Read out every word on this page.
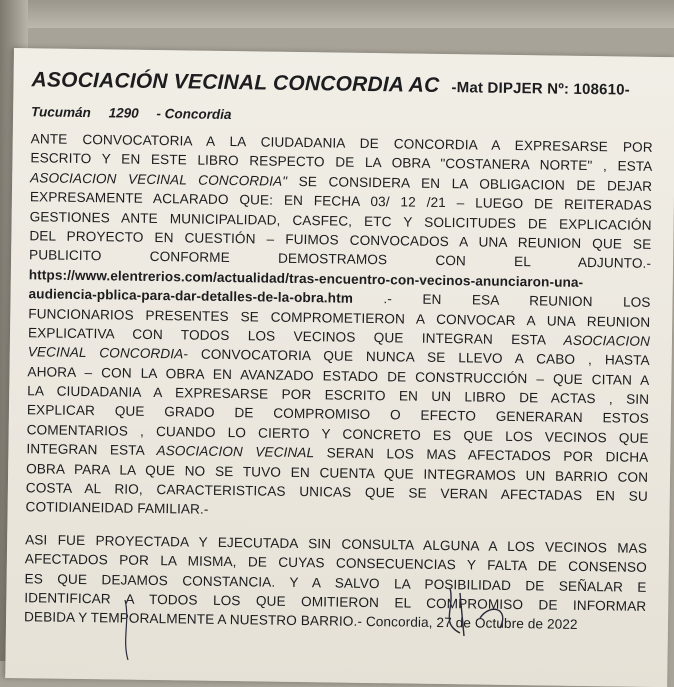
ASOCIACIÓN VECINAL CONCORDIA AC -Mat DIPJER Nº: 108610-
Tucumán 1290 - Concordia
ANTE CONVOCATORIA A LA CIUDADANIA DE CONCORDIA A EXPRESARSE POR
ESCRITO Y EN ESTE LIBRO RESPECTO DE LA OBRA "COSTANERA NORTE" , ESTA
ASOCIACION VECINAL CONCORDIA" SE CONSIDERA EN LA OBLIGACION DE DEJAR
EXPRESAMENTE ACLARADO QUE: EN FECHA 03/ 12 /21 – LUEGO DE REITERADAS
GESTIONES ANTE MUNICIPALIDAD, CASFEC, ETC Y SOLICITUDES DE EXPLICACIÓN
DEL PROYECTO EN CUESTIÓN – FUIMOS CONVOCADOS A UNA REUNION QUE SE
PUBLICITO CONFORME DEMOSTRAMOS CON EL ADJUNTO.-
https://www.elentrerios.com/actualidad/tras-encuentro-con-vecinos-anunciaron-una-
audiencia-pblica-para-dar-detalles-de-la-obra.htm .- EN ESA REUNION LOS
FUNCIONARIOS PRESENTES SE COMPROMETIERON A CONVOCAR A UNA REUNION
EXPLICATIVA CON TODOS LOS VECINOS QUE INTEGRAN ESTA ASOCIACION
VECINAL CONCORDIA- CONVOCATORIA QUE NUNCA SE LLEVO A CABO , HASTA
AHORA – CON LA OBRA EN AVANZADO ESTADO DE CONSTRUCCIÓN – QUE CITAN A
LA CIUDADANIA A EXPRESARSE POR ESCRITO EN UN LIBRO DE ACTAS , SIN
EXPLICAR QUE GRADO DE COMPROMISO O EFECTO GENERARAN ESTOS
COMENTARIOS , CUANDO LO CIERTO Y CONCRETO ES QUE LOS VECINOS QUE
INTEGRAN ESTA ASOCIACION VECINAL SERAN LOS MAS AFECTADOS POR DICHA
OBRA PARA LA QUE NO SE TUVO EN CUENTA QUE INTEGRAMOS UN BARRIO CON
COSTA AL RIO, CARACTERISTICAS UNICAS QUE SE VERAN AFECTADAS EN SU
COTIDIANEIDAD FAMILIAR.-
ASI FUE PROYECTADA Y EJECUTADA SIN CONSULTA ALGUNA A LOS VECINOS MAS
AFECTADOS POR LA MISMA, DE CUYAS CONSECUENCIAS Y FALTA DE CONSENSO
ES QUE DEJAMOS CONSTANCIA. Y A SALVO LA POSIBILIDAD DE SEÑALAR E
IDENTIFICAR A TODOS LOS QUE OMITIERON EL COMPROMISO DE INFORMAR
DEBIDA Y TEMPORALMENTE A NUESTRO BARRIO.- Concordia, 27 de Octubre de 2022
